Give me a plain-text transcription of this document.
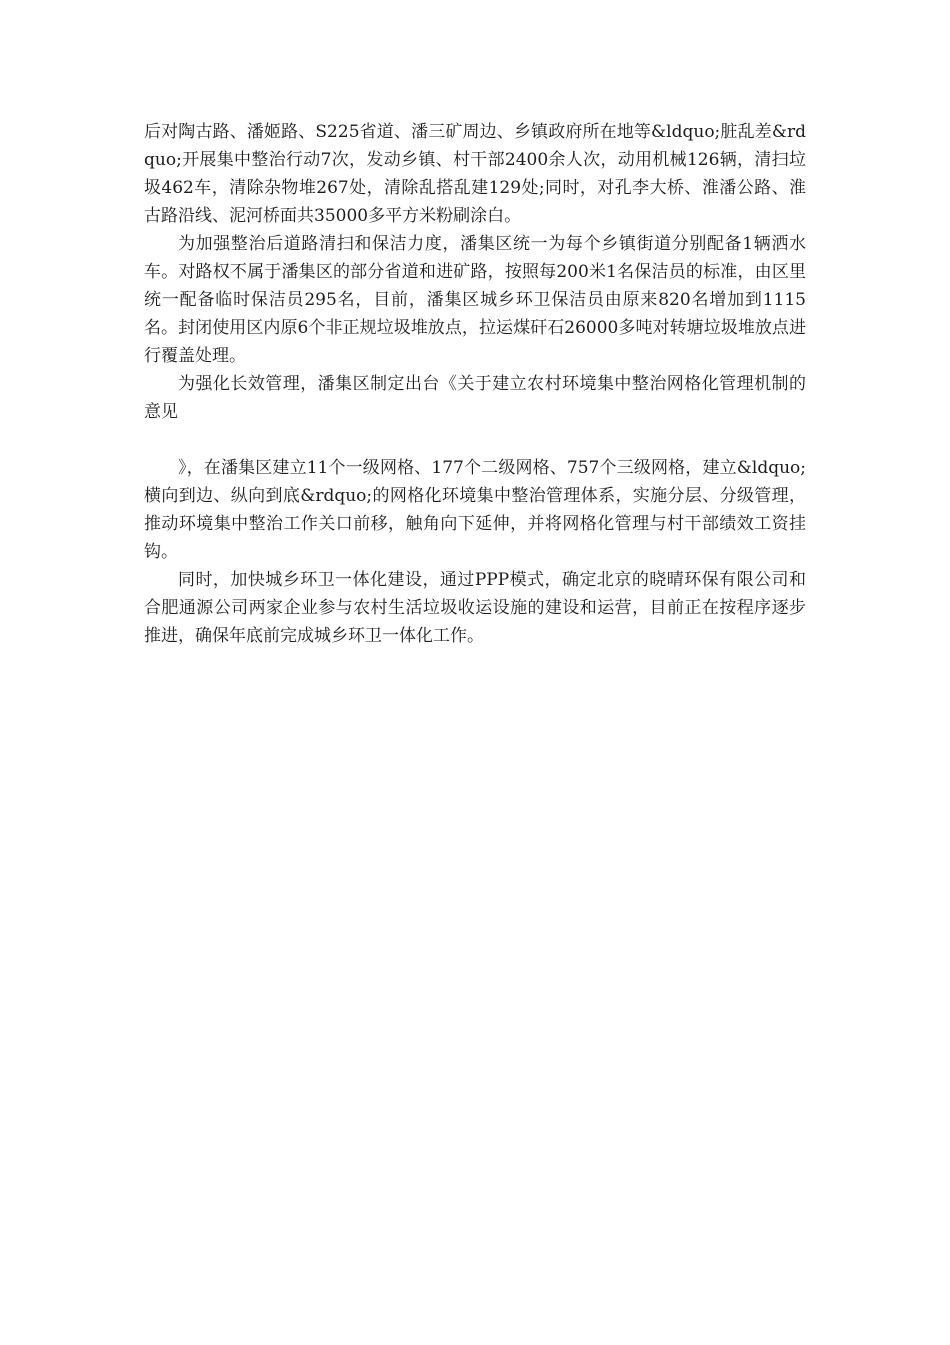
后对陶古路、潘姬路、S225省道、潘三矿周边、乡镇政府所在地等&ldquo;脏乱差&rdquo;开展集中整治行动7次，发动乡镇、村干部2400余人次，动用机械126辆，清扫垃圾462车，清除杂物堆267处，清除乱搭乱建129处;同时，对孔李大桥、淮潘公路、淮古路沿线、泥河桥面共35000多平方米粉刷涂白。

为加强整治后道路清扫和保洁力度，潘集区统一为每个乡镇街道分别配备1辆洒水车。对路权不属于潘集区的部分省道和进矿路，按照每200米1名保洁员的标准，由区里统一配备临时保洁员295名，目前，潘集区城乡环卫保洁员由原来820名增加到1115名。封闭使用区内原6个非正规垃圾堆放点，拉运煤矸石26000多吨对转塘垃圾堆放点进行覆盖处理。

为强化长效管理，潘集区制定出台《关于建立农村环境集中整治网格化管理机制的意见

》，在潘集区建立11个一级网格、177个二级网格、757个三级网格，建立&ldquo;横向到边、纵向到底&rdquo;的网格化环境集中整治管理体系，实施分层、分级管理，推动环境集中整治工作关口前移，触角向下延伸，并将网格化管理与村干部绩效工资挂钩。

同时，加快城乡环卫一体化建设，通过PPP模式，确定北京的晓晴环保有限公司和合肥通源公司两家企业参与农村生活垃圾收运设施的建设和运营，目前正在按程序逐步推进，确保年底前完成城乡环卫一体化工作。
